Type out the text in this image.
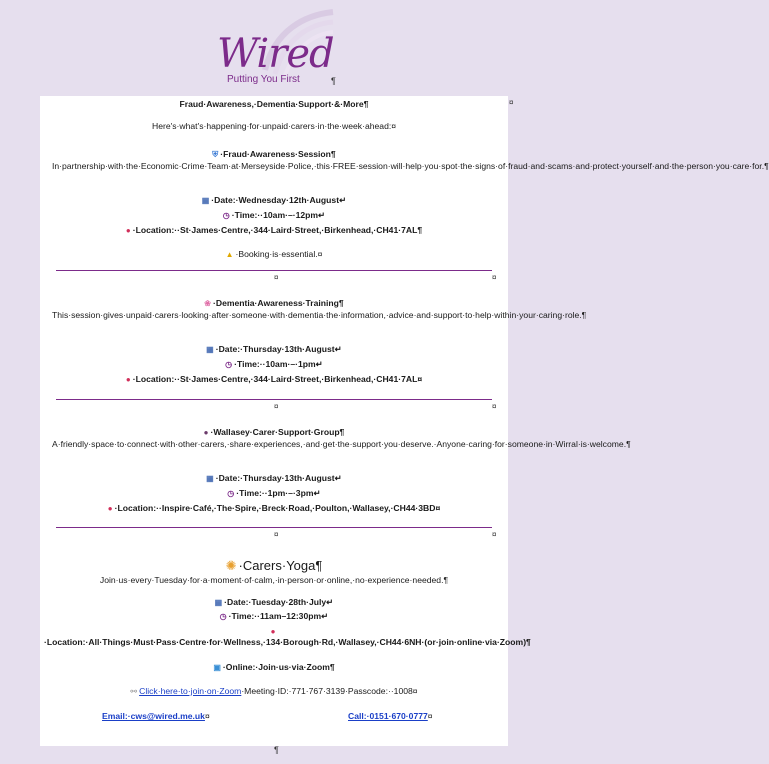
Wired
Putting You First	¶
Fraud·Awareness,·Dementia·Support·&·More¶	¤
Here's·what's·happening·for·unpaid·carers·in·the·week·ahead:¤
⛨ ·Fraud·Awareness·Session¶
In·partnership·with·the·Economic·Crime·Team·at·Merseyside·Police,·this·FREE·session·will·help·you·spot·the·signs·of·fraud·and·scams·and·protect·yourself·and·the·person·you·care·for.¶
▦ ·Date:·Wednesday·12th·August↵
◷ ·Time:··10am·–·12pm↵
● ·Location:··St·James·Centre,·344·Laird·Street,·Birkenhead,·CH41·7AL¶
▲ ·Booking·is·essential.¤
¤	¤
❀ ·Dementia·Awareness·Training¶
This·session·gives·unpaid·carers·looking·after·someone·with·dementia·the·information,·advice·and·support·to·help·within·your·caring·role.¶
▦ ·Date:·Thursday·13th·August↵
◷ ·Time:··10am·–·1pm↵
● ·Location:··St·James·Centre,·344·Laird·Street,·Birkenhead,·CH41·7AL¤
¤	¤
● ·Wallasey·Carer·Support·Group¶
A·friendly·space·to·connect·with·other·carers,·share·experiences,·and·get·the·support·you·deserve.·Anyone·caring·for·someone·in·Wirral·is·welcome.¶
▦ ·Date:·Thursday·13th·August↵
◷ ·Time:··1pm·–·3pm↵
● ·Location:··Inspire·Café,·The·Spire,·Breck·Road,·Poulton,·Wallasey,·CH44·3BD¤
¤	¤
✺ ·Carers·Yoga¶
Join·us·every·Tuesday·for·a·moment·of·calm,·in·person·or·online,·no·experience·needed.¶
▦ ·Date:·Tuesday·28th·July↵
◷ ·Time:··11am–12:30pm↵
●·Location:·All·Things·Must·Pass·Centre·for·Wellness,·134·Borough·Rd,·Wallasey,·CH44·6NH·(or·join·online·via·Zoom)¶
▣ ·Online:·Join·us·via·Zoom¶
⚯ Click·here·to·join·on·Zoom·Meeting·ID:·771·767·3139·Passcode:··1008¤
Email:·cws@wired.me.uk¤	Call:·0151·670·0777¤
¶
